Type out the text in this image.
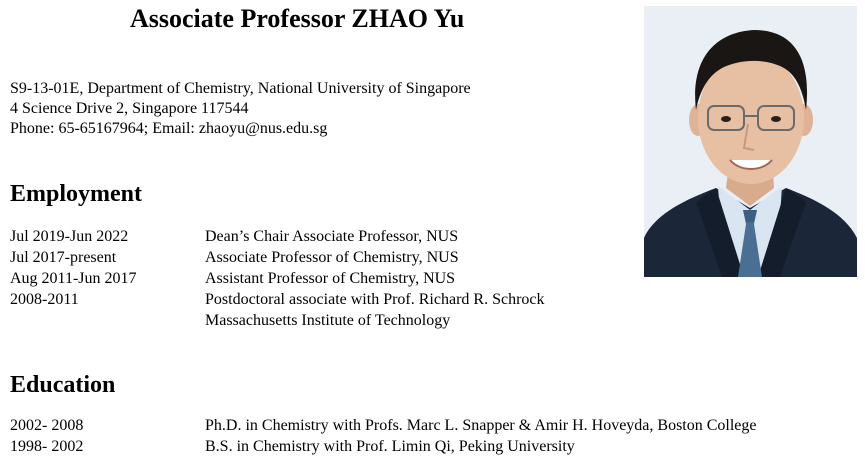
Associate Professor ZHAO Yu
S9-13-01E, Department of Chemistry, National University of Singapore
4 Science Drive 2, Singapore 117544
Phone: 65-65167964; Email: zhaoyu@nus.edu.sg
Employment
Jul 2019-Jun 2022	Dean’s Chair Associate Professor, NUS
Jul 2017-present	Associate Professor of Chemistry, NUS
Aug 2011-Jun 2017	Assistant Professor of Chemistry, NUS
2008-2011	Postdoctoral associate with Prof. Richard R. Schrock
Massachusetts Institute of Technology
Education
2002- 2008	Ph.D. in Chemistry with Profs. Marc L. Snapper & Amir H. Hoveyda, Boston College
1998- 2002	B.S. in Chemistry with Prof. Limin Qi, Peking University
